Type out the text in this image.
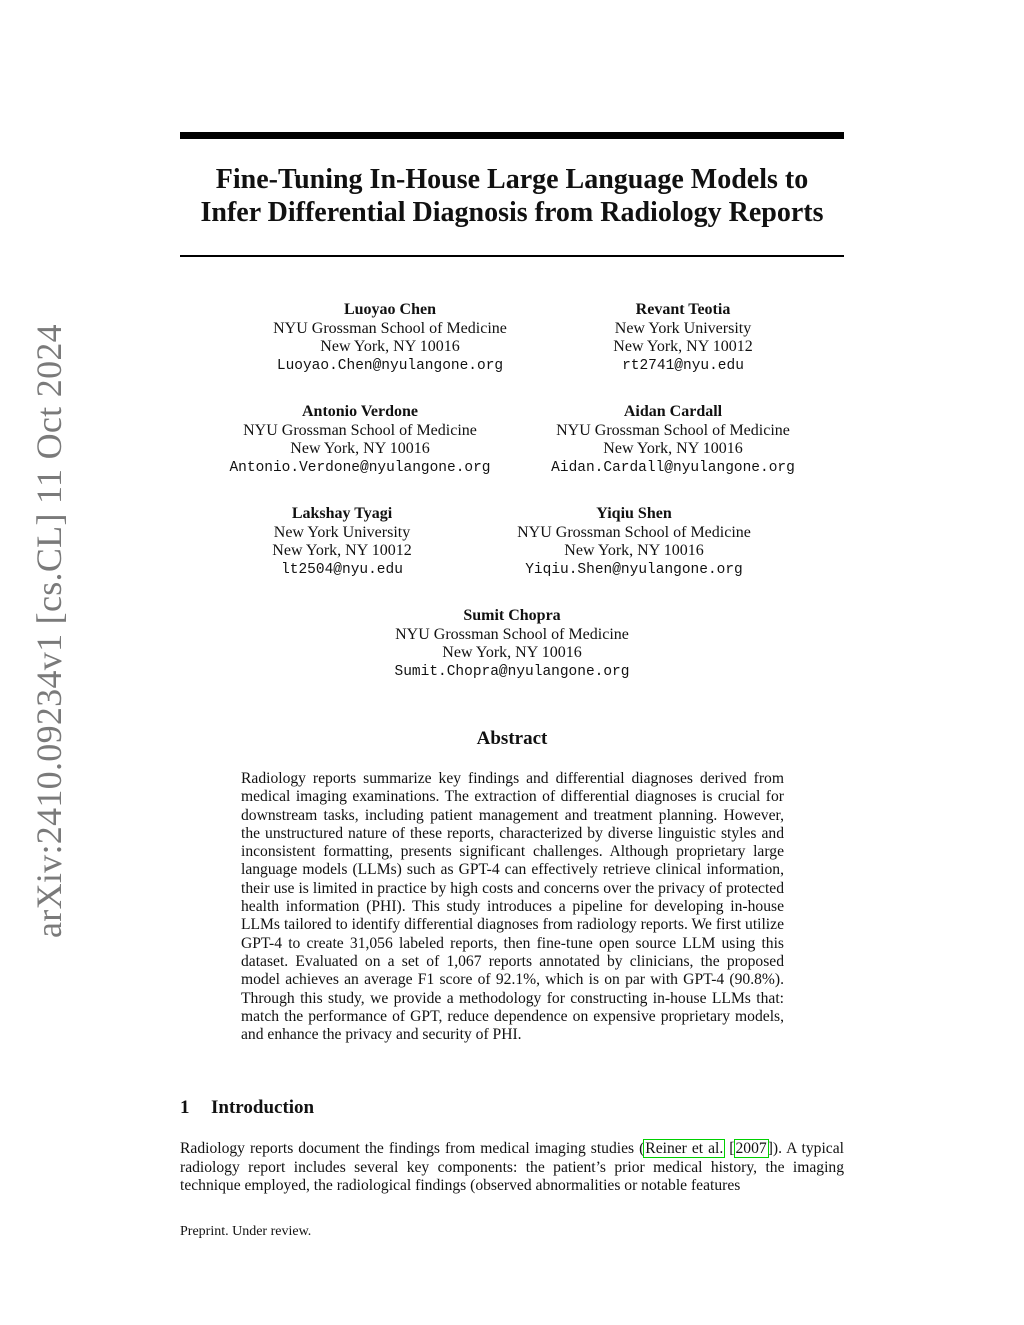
arXiv:2410.09234v1 [cs.CL] 11 Oct 2024
Fine-Tuning In-House Large Language Models to
Infer Differential Diagnosis from Radiology Reports
Luoyao Chen
NYU Grossman School of Medicine
New York, NY 10016
Luoyao.Chen@nyulangone.org
Revant Teotia
New York University
New York, NY 10012
rt2741@nyu.edu
Antonio Verdone
NYU Grossman School of Medicine
New York, NY 10016
Antonio.Verdone@nyulangone.org
Aidan Cardall
NYU Grossman School of Medicine
New York, NY 10016
Aidan.Cardall@nyulangone.org
Lakshay Tyagi
New York University
New York, NY 10012
lt2504@nyu.edu
Yiqiu Shen
NYU Grossman School of Medicine
New York, NY 10016
Yiqiu.Shen@nyulangone.org
Sumit Chopra
NYU Grossman School of Medicine
New York, NY 10016
Sumit.Chopra@nyulangone.org
Abstract
Radiology reports summarize key findings and differential diagnoses derived from medical imaging examinations. The extraction of differential diagnoses is crucial for downstream tasks, including patient management and treatment planning. However, the unstructured nature of these reports, characterized by diverse linguistic styles and inconsistent formatting, presents significant challenges. Although proprietary large language models (LLMs) such as GPT-4 can effectively retrieve clinical information, their use is limited in practice by high costs and concerns over the privacy of protected health information (PHI). This study introduces a pipeline for developing in-house LLMs tailored to identify differential diagnoses from radiology reports. We first utilize GPT-4 to create 31,056 labeled reports, then fine-tune open source LLM using this dataset. Evaluated on a set of 1,067 reports annotated by clinicians, the proposed model achieves an average F1 score of 92.1%, which is on par with GPT-4 (90.8%). Through this study, we provide a methodology for constructing in-house LLMs that: match the performance of GPT, reduce dependence on expensive proprietary models, and enhance the privacy and security of PHI.
1 Introduction
Radiology reports document the findings from medical imaging studies (Reiner et al. [2007]). A typical radiology report includes several key components: the patient’s prior medical history, the imaging technique employed, the radiological findings (observed abnormalities or notable features
Preprint. Under review.
